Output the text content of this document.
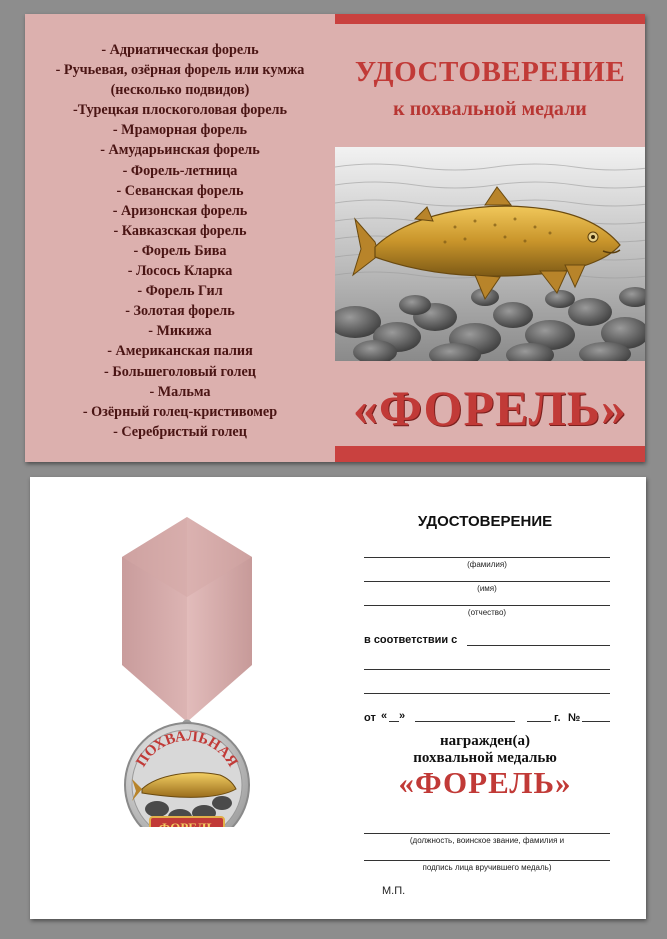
- Адриатическая форель
- Ручьевая, озёрная форель или кумжа
(несколько подвидов)
-Турецкая плоскоголовая форель
- Мраморная форель
- Амударьинская форель
- Форель-летница
- Севанская форель
- Аризонская форель
- Кавказская форель
- Форель Бива
- Лосось Кларка
- Форель Гил
- Золотая форель
- Микижа
- Американская палия
- Большеголовый голец
- Мальма
- Озёрный голец-кристивомер
- Серебристый голец
УДОСТОВЕРЕНИЕ
к похвальной медали
«ФОРЕЛЬ»
ПОХВАЛЬНАЯ
УДОСТОВЕРЕНИЕ
(фамилия)
(имя)
(отчество)
в соответствии с
от « »	г. №
награжден(а)
похвальной медалью
«ФОРЕЛЬ»
(должность, воинское звание, фамилия и
подпись лица вручившего медаль)
М.П.
